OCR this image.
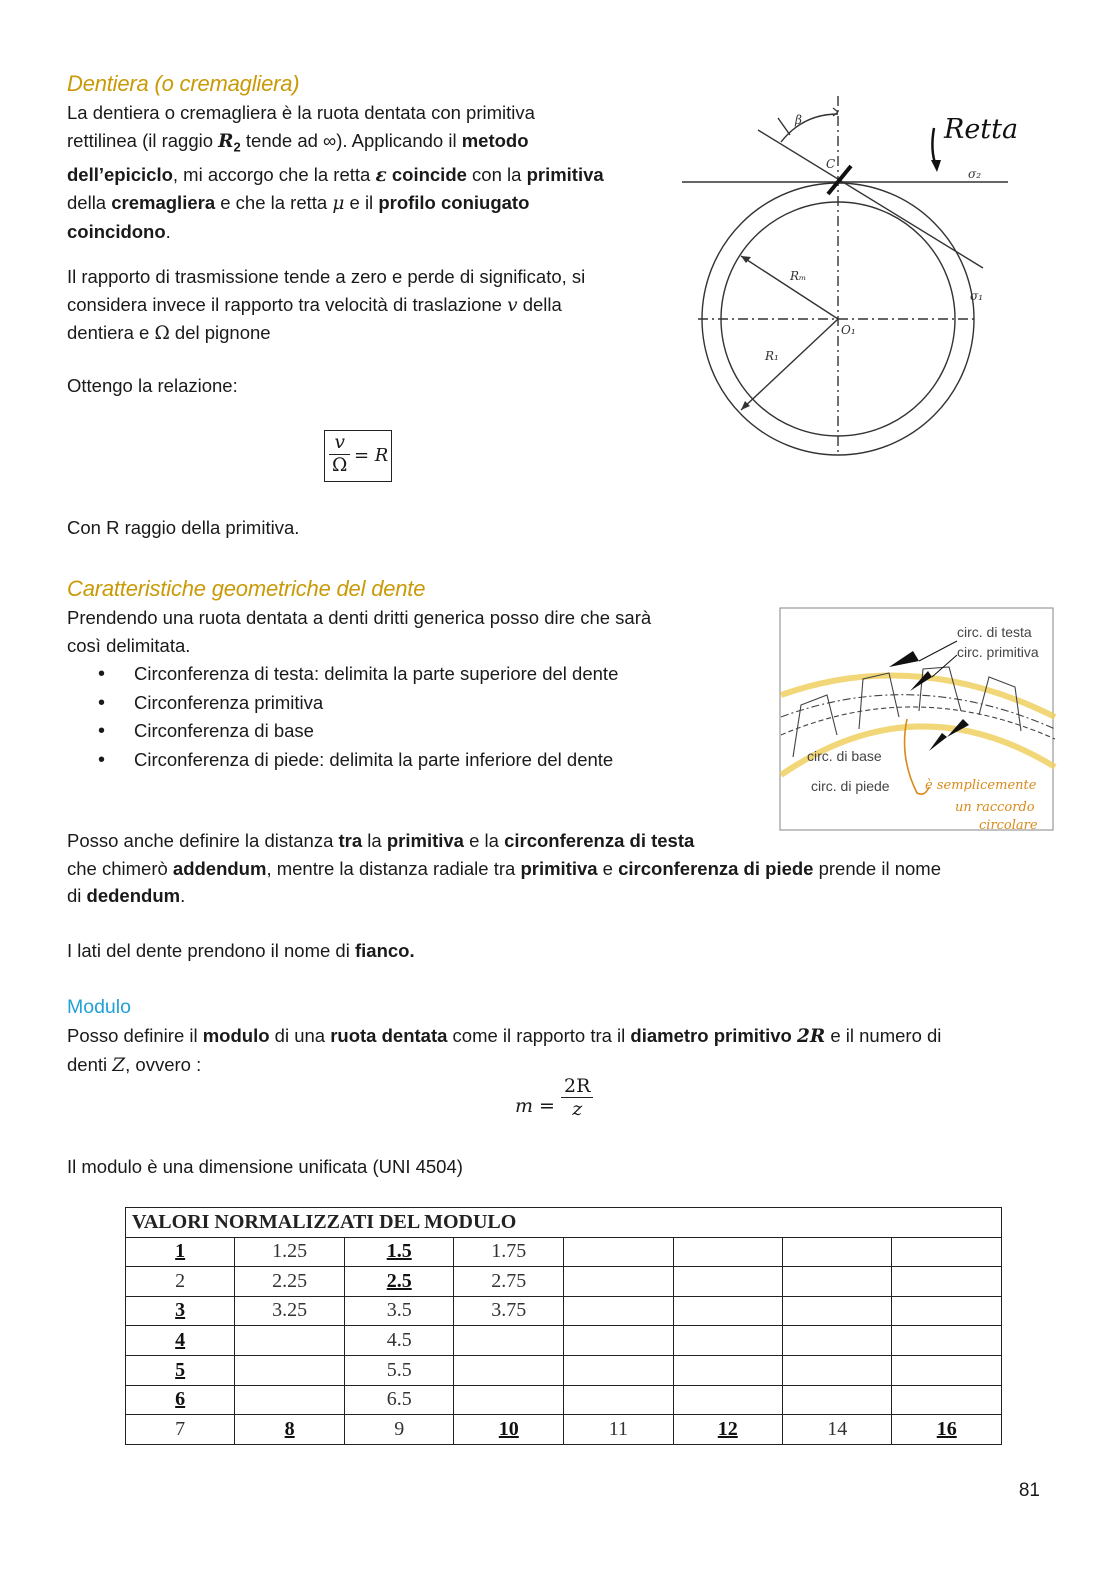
Dentiera (o cremagliera)
La dentiera o cremagliera è la ruota dentata con primitiva
rettilinea (il raggio $R_2$ tende ad ∞). Applicando il metodo
dell’epiciclo, mi accorgo che la retta ε coincide con la primitiva
della cremagliera e che la retta μ e il profilo coniugato
coincidono.
Il rapporto di trasmissione tende a zero e perde di significato, si
considera invece il rapporto tra velocità di traslazione v della
dentiera e Ω del pignone
Ottengo la relazione:
$\frac{v}{\Omega} = R$
Con R raggio della primitiva.
β
C
σ₂
σ₁
Rₘ
O₁
R₁
Retta
Caratteristiche geometriche del dente
Prendendo una ruota dentata a denti dritti generica posso dire che sarà
così delimitata.
• Circonferenza di testa: delimita la parte superiore del dente
• Circonferenza primitiva
• Circonferenza di base
• Circonferenza di piede: delimita la parte inferiore del dente
circ. di testa
circ. primitiva
circ. di base
circ. di piede	è semplicemente
un raccordo
circolare
Posso anche definire la distanza tra la primitiva e la circonferenza di testa
che chimerò addendum, mentre la distanza radiale tra primitiva e circonferenza di piede prende il nome
di dedendum.
I lati del dente prendono il nome di fianco.
Modulo
Posso definire il modulo di una ruota dentata come il rapporto tra il diametro primitivo 2R e il numero di
denti Z, ovvero :
$m = \frac{2R}{z}$
Il modulo è una dimensione unificata (UNI 4504)
VALORI NORMALIZZATI DEL MODULO							
1	1.25	1.5	1.75				
2	2.25	2.5	2.75				
3	3.25	3.5	3.75				
4		4.5					
5		5.5					
6		6.5					
7	8	9	10	11	12	14	16
81
